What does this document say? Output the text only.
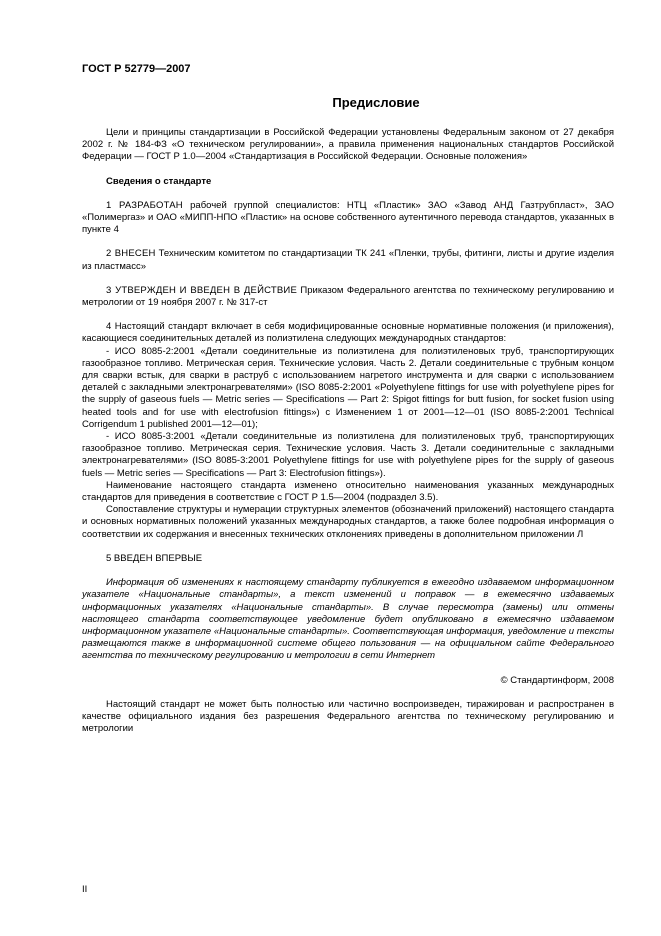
ГОСТ Р 52779—2007
Предисловие

Цели и принципы стандартизации в Российской Федерации установлены Федеральным законом от 27 декабря 2002 г. № 184-ФЗ «О техническом регулировании», а правила применения национальных стандартов Российской Федерации — ГОСТ Р 1.0—2004 «Стандартизация в Российской Федерации. Основные положения»

Сведения о стандарте

1 РАЗРАБОТАН рабочей группой специалистов: НТЦ «Пластик» ЗАО «Завод АНД Газтрубпласт», ЗАО «Полимергаз» и ОАО «МИПП-НПО «Пластик» на основе собственного аутентичного перевода стандартов, указанных в пункте 4

2 ВНЕСЕН Техническим комитетом по стандартизации ТК 241 «Пленки, трубы, фитинги, листы и другие изделия из пластмасс»

3 УТВЕРЖДЕН И ВВЕДЕН В ДЕЙСТВИЕ Приказом Федерального агентства по техническому регулированию и метрологии от 19 ноября 2007 г. № 317-ст

4 Настоящий стандарт включает в себя модифицированные основные нормативные положения (и приложения), касающиеся соединительных деталей из полиэтилена следующих международных стандартов:

- ИСО 8085-2:2001 «Детали соединительные из полиэтилена для полиэтиленовых труб, транспортирующих газообразное топливо. Метрическая серия. Технические условия. Часть 2. Детали соединительные с трубным концом для сварки встык, для сварки в раструб с использованием нагретого инструмента и для сварки с использованием деталей с закладными электронагревателями» (ISO 8085-2:2001 «Polyethylene fittings for use with polyethylene pipes for the supply of gaseous fuels — Metric series — Specifications — Part 2: Spigot fittings for butt fusion, for socket fusion using heated tools and for use with electrofusion fittings») с Изменением 1 от 2001—12—01 (ISO 8085-2:2001 Technical Corrigendum 1 published 2001—12—01);

- ИСО 8085-3:2001 «Детали соединительные из полиэтилена для полиэтиленовых труб, транспортирующих газообразное топливо. Метрическая серия. Технические условия. Часть 3. Детали соединительные с закладными электронагревателями» (ISO 8085-3:2001 Polyethylene fittings for use with polyethylene pipes for the supply of gaseous fuels — Metric series — Specifications — Part 3: Electrofusion fittings»).

Наименование настоящего стандарта изменено относительно наименования указанных международных стандартов для приведения в соответствие с ГОСТ Р 1.5—2004 (подраздел 3.5).

Сопоставление структуры и нумерации структурных элементов (обозначений приложений) настоящего стандарта и основных нормативных положений указанных международных стандартов, а также более подробная информация о соответствии их содержания и внесенных технических отклонениях приведены в дополнительном приложении Л

5 ВВЕДЕН ВПЕРВЫЕ

Информация об изменениях к настоящему стандарту публикуется в ежегодно издаваемом информационном указателе «Национальные стандарты», а текст изменений и поправок — в ежемесячно издаваемых информационных указателях «Национальные стандарты». В случае пересмотра (замены) или отмены настоящего стандарта соответствующее уведомление будет опубликовано в ежемесячно издаваемом информационном указателе «Национальные стандарты». Соответствующая информация, уведомление и тексты размещаются также в информационной системе общего пользования — на официальном сайте Федерального агентства по техническому регулированию и метрологии в сети Интернет

© Стандартинформ, 2008

Настоящий стандарт не может быть полностью или частично воспроизведен, тиражирован и распространен в качестве официального издания без разрешения Федерального агентства по техническому регулированию и метрологии

II
